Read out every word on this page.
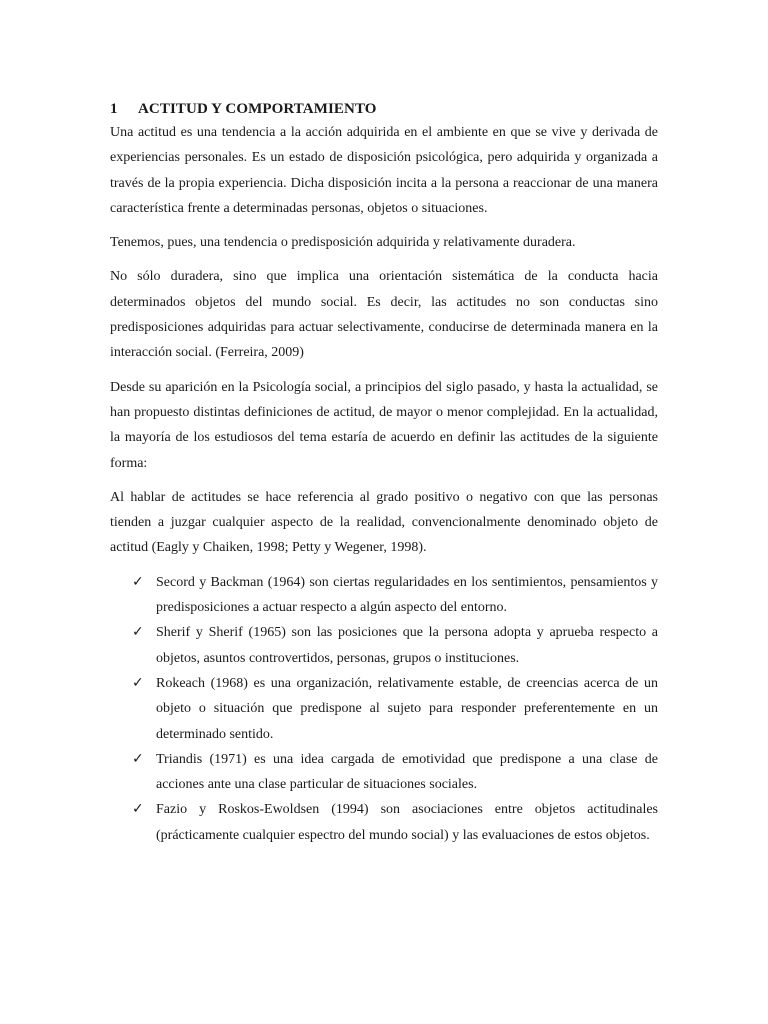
1	ACTITUD Y COMPORTAMIENTO

Una actitud es una tendencia a la acción adquirida en el ambiente en que se vive y derivada de experiencias personales. Es un estado de disposición psicológica, pero adquirida y organizada a través de la propia experiencia. Dicha disposición incita a la persona a reaccionar de una manera característica frente a determinadas personas, objetos o situaciones.

Tenemos, pues, una tendencia o predisposición adquirida y relativamente duradera.

No sólo duradera, sino que implica una orientación sistemática de la conducta hacia determinados objetos del mundo social. Es decir, las actitudes no son conductas sino predisposiciones adquiridas para actuar selectivamente, conducirse de determinada manera en la interacción social. (Ferreira, 2009)

Desde su aparición en la Psicología social, a principios del siglo pasado, y hasta la actualidad, se han propuesto distintas definiciones de actitud, de mayor o menor complejidad. En la actualidad, la mayoría de los estudiosos del tema estaría de acuerdo en definir las actitudes de la siguiente forma:

Al hablar de actitudes se hace referencia al grado positivo o negativo con que las personas tienden a juzgar cualquier aspecto de la realidad, convencionalmente denominado objeto de actitud (Eagly y Chaiken, 1998; Petty y Wegener, 1998).

✓ Secord y Backman (1964) son ciertas regularidades en los sentimientos, pensamientos y predisposiciones a actuar respecto a algún aspecto del entorno.
✓ Sherif y Sherif (1965) son las posiciones que la persona adopta y aprueba respecto a objetos, asuntos controvertidos, personas, grupos o instituciones.
✓ Rokeach (1968) es una organización, relativamente estable, de creencias acerca de un objeto o situación que predispone al sujeto para responder preferentemente en un determinado sentido.
✓ Triandis (1971) es una idea cargada de emotividad que predispone a una clase de acciones ante una clase particular de situaciones sociales.
✓ Fazio y Roskos-Ewoldsen (1994) son asociaciones entre objetos actitudinales (prácticamente cualquier espectro del mundo social) y las evaluaciones de estos objetos.
